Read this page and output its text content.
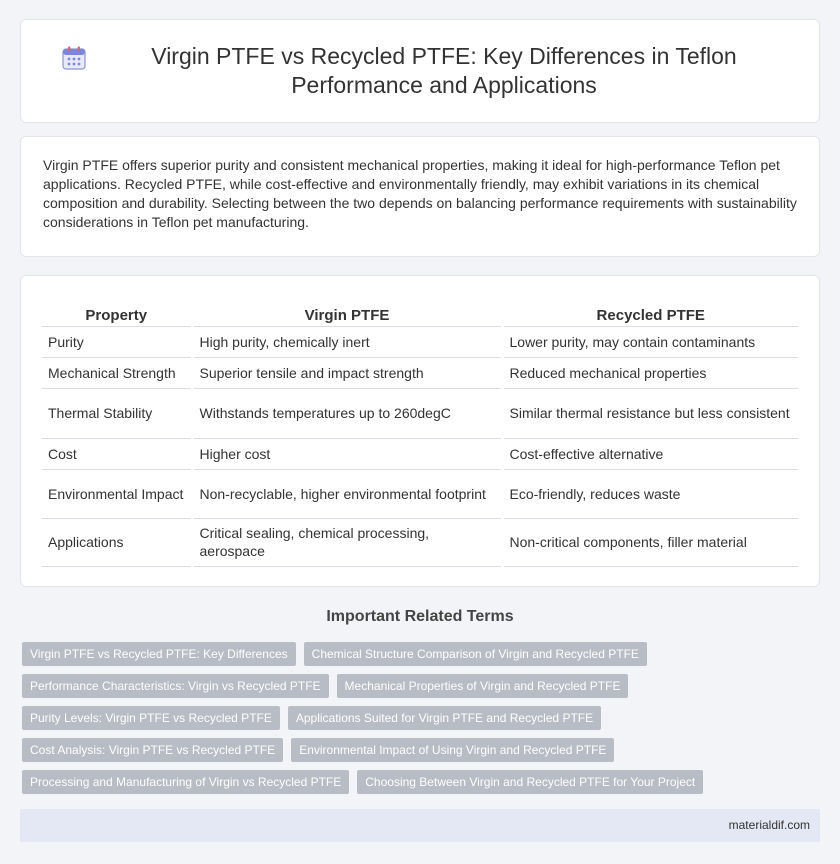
Virgin PTFE vs Recycled PTFE: Key Differences in Teflon Performance and Applications

Virgin PTFE offers superior purity and consistent mechanical properties, making it ideal for high-performance Teflon pet applications. Recycled PTFE, while cost-effective and environmentally friendly, may exhibit variations in its chemical composition and durability. Selecting between the two depends on balancing performance requirements with sustainability considerations in Teflon pet manufacturing.

Property	Virgin PTFE	Recycled PTFE
Purity	High purity, chemically inert	Lower purity, may contain contaminants
Mechanical Strength	Superior tensile and impact strength	Reduced mechanical properties
Thermal Stability	Withstands temperatures up to 260degC	Similar thermal resistance but less consistent
Cost	Higher cost	Cost-effective alternative
Environmental Impact	Non-recyclable, higher environmental footprint	Eco-friendly, reduces waste
Applications	Critical sealing, chemical processing, aerospace	Non-critical components, filler material
Important Related Terms
Virgin PTFE vs Recycled PTFE: Key Differences	Chemical Structure Comparison of Virgin and Recycled PTFE
Performance Characteristics: Virgin vs Recycled PTFE	Mechanical Properties of Virgin and Recycled PTFE
Purity Levels: Virgin PTFE vs Recycled PTFE	Applications Suited for Virgin PTFE and Recycled PTFE
Cost Analysis: Virgin PTFE vs Recycled PTFE	Environmental Impact of Using Virgin and Recycled PTFE
Processing and Manufacturing of Virgin vs Recycled PTFE	Choosing Between Virgin and Recycled PTFE for Your Project
materialdif.com
